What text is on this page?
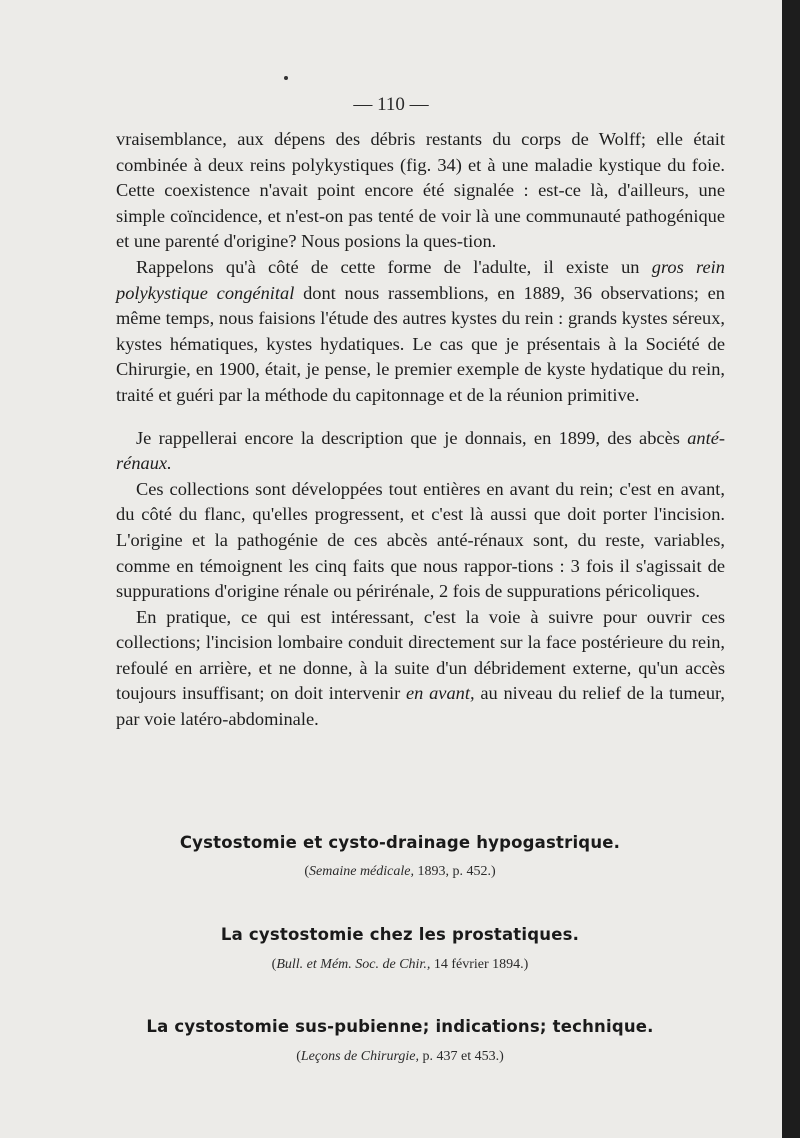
— 110 —

vraisemblance, aux dépens des débris restants du corps de Wolff; elle était combinée à deux reins polykystiques (fig. 34) et à une maladie kystique du foie. Cette coexistence n'avait point encore été signalée : est-ce là, d'ailleurs, une simple coïncidence, et n'est-on pas tenté de voir là une communauté pathogénique et une parenté d'origine? Nous posions la ques-tion.

Rappelons qu'à côté de cette forme de l'adulte, il existe un gros rein polykystique congénital dont nous rassemblions, en 1889, 36 observations; en même temps, nous faisions l'étude des autres kystes du rein : grands kystes séreux, kystes hématiques, kystes hydatiques. Le cas que je présentais à la Société de Chirurgie, en 1900, était, je pense, le premier exemple de kyste hydatique du rein, traité et guéri par la méthode du capitonnage et de la réunion primitive.

Je rappellerai encore la description que je donnais, en 1899, des abcès anté-rénaux.

Ces collections sont développées tout entières en avant du rein; c'est en avant, du côté du flanc, qu'elles progressent, et c'est là aussi que doit porter l'incision. L'origine et la pathogénie de ces abcès anté-rénaux sont, du reste, variables, comme en témoignent les cinq faits que nous rappor-tions : 3 fois il s'agissait de suppurations d'origine rénale ou périrénale, 2 fois de suppurations péricoliques.

En pratique, ce qui est intéressant, c'est la voie à suivre pour ouvrir ces collections; l'incision lombaire conduit directement sur la face postérieure du rein, refoulé en arrière, et ne donne, à la suite d'un débridement externe, qu'un accès toujours insuffisant; on doit intervenir en avant, au niveau du relief de la tumeur, par voie latéro-abdominale.

Cystostomie et cysto-drainage hypogastrique.
(Semaine médicale, 1893, p. 452.)
La cystostomie chez les prostatiques.
(Bull. et Mém. Soc. de Chir., 14 février 1894.)
La cystostomie sus-pubienne; indications; technique.
(Leçons de Chirurgie, p. 437 et 453.)
